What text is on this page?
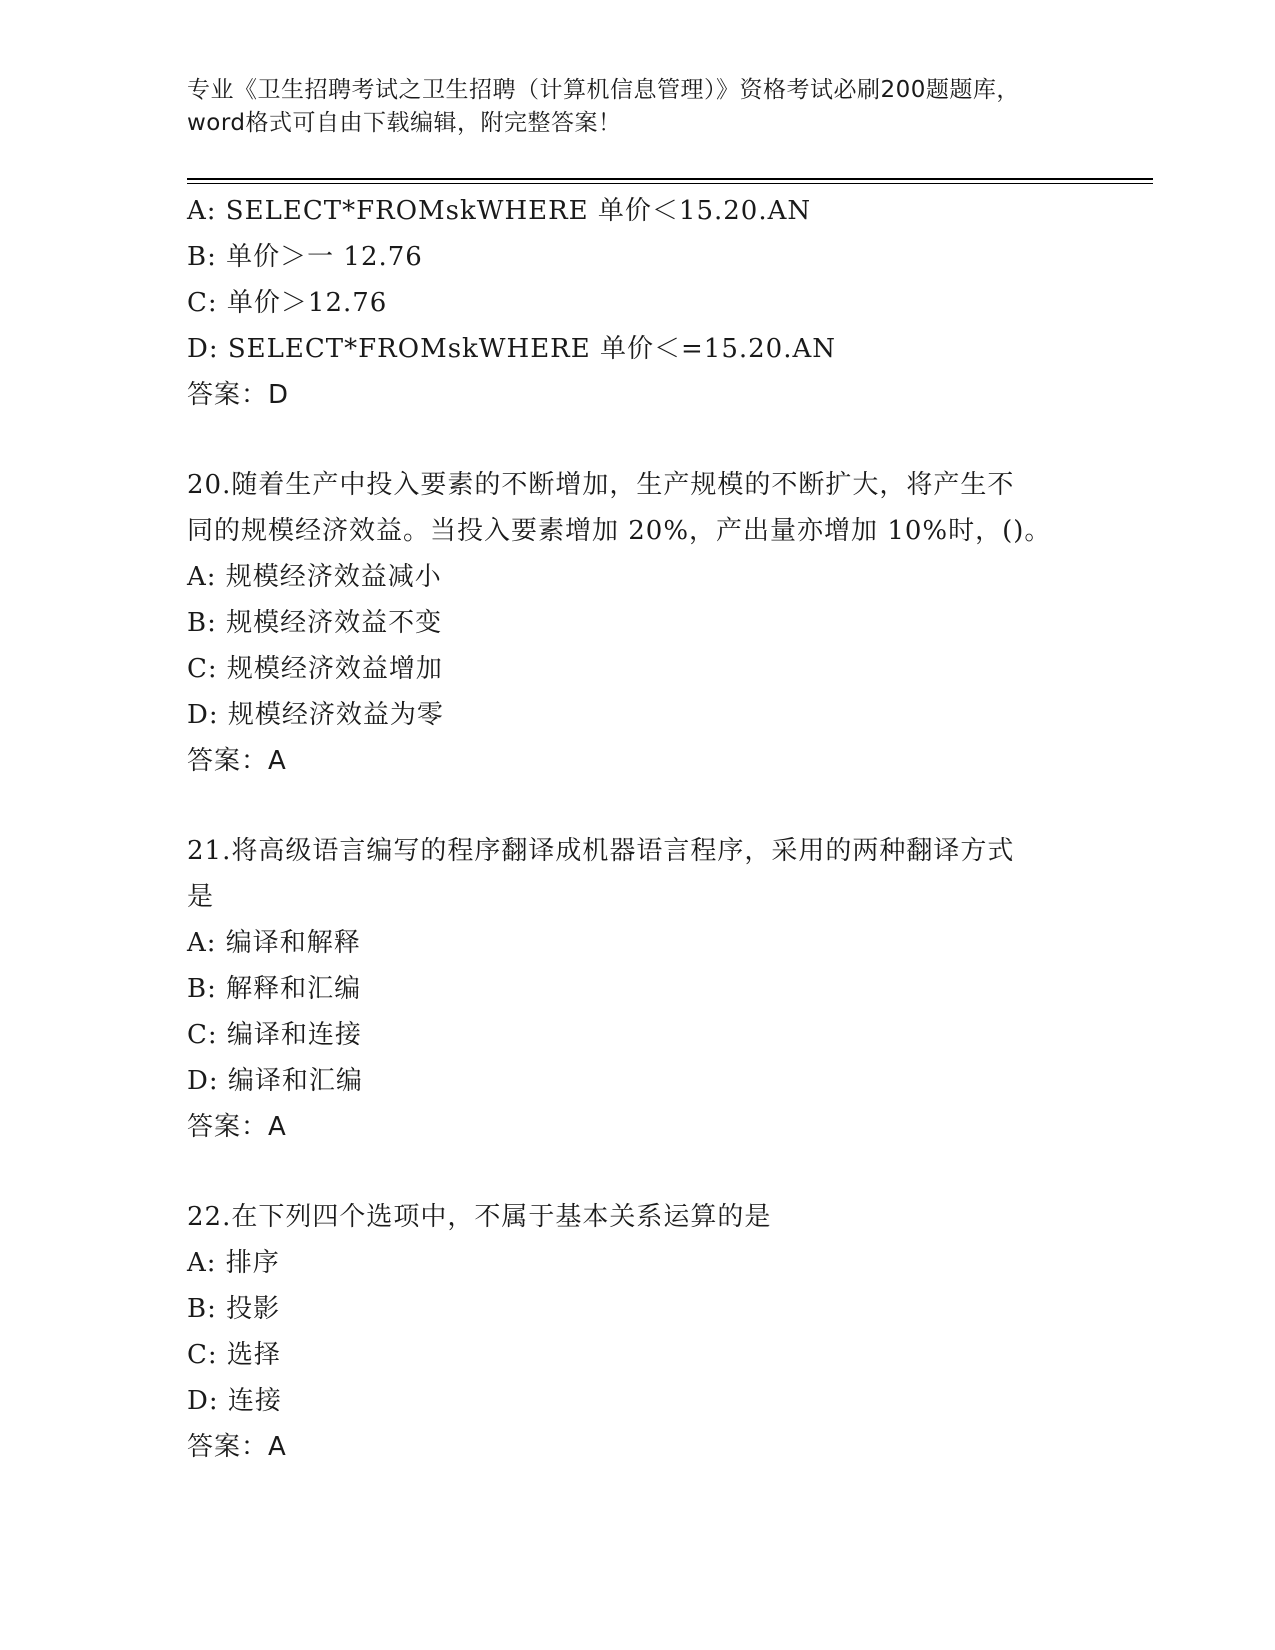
专业《卫生招聘考试之卫生招聘（计算机信息管理）》资格考试必刷200题题库，
word格式可自由下载编辑，附完整答案！
A: SELECT*FROMskWHERE 单价＜15.20.AN
B: 单价＞一 12.76
C: 单价＞12.76
D: SELECT*FROMskWHERE 单价＜=15.20.AN
答案：D
20.随着生产中投入要素的不断增加，生产规模的不断扩大，将产生不
同的规模经济效益。当投入要素增加 20%，产出量亦增加 10%时，()。
A: 规模经济效益减小
B: 规模经济效益不变
C: 规模经济效益增加
D: 规模经济效益为零
答案：A
21.将高级语言编写的程序翻译成机器语言程序，采用的两种翻译方式
是
A: 编译和解释
B: 解释和汇编
C: 编译和连接
D: 编译和汇编
答案：A
22.在下列四个选项中，不属于基本关系运算的是
A: 排序
B: 投影
C: 选择
D: 连接
答案：A
